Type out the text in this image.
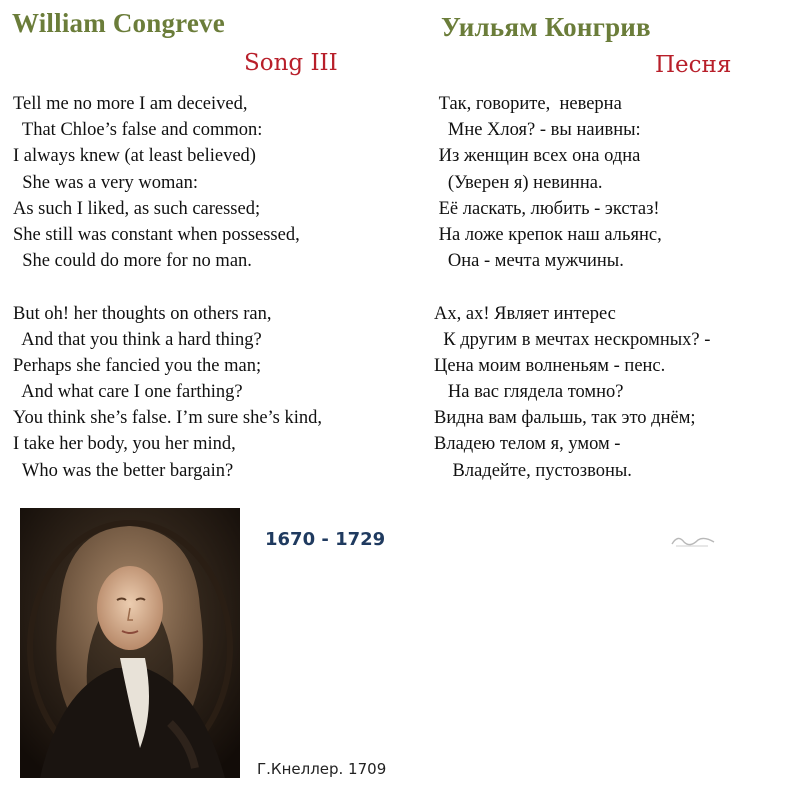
William Congreve
Song III
Tell me no more I am deceived,
That Chloe’s false and common:
I always knew (at least believed)
She was a very woman:
As such I liked, as such caressed;
She still was constant when possessed,
She could do more for no man.
But oh! her thoughts on others ran,
And that you think a hard thing?
Perhaps she fancied you the man;
And what care I one farthing?
You think she’s false. I’m sure she’s kind,
I take her body, you her mind,
Who was the better bargain?
Уильям Конгрив
Песня
Так, говорите,  неверна
Мне Хлоя? - вы наивны:
Из женщин всех она одна
(Уверен я) невинна.
Её ласкать, любить - экстаз!
На ложе крепок наш альянс,
Она - мечта мужчины.
Ах, ах! Являет интерес
К другим в мечтах нескромных? -
Цена моим волненьям - пенс.
На вас глядела томно?
Видна вам фальшь, так это днём;
Владею телом я, умом -
Владейте, пустозвоны.
1670 - 1729
Г.Кнеллер. 1709
